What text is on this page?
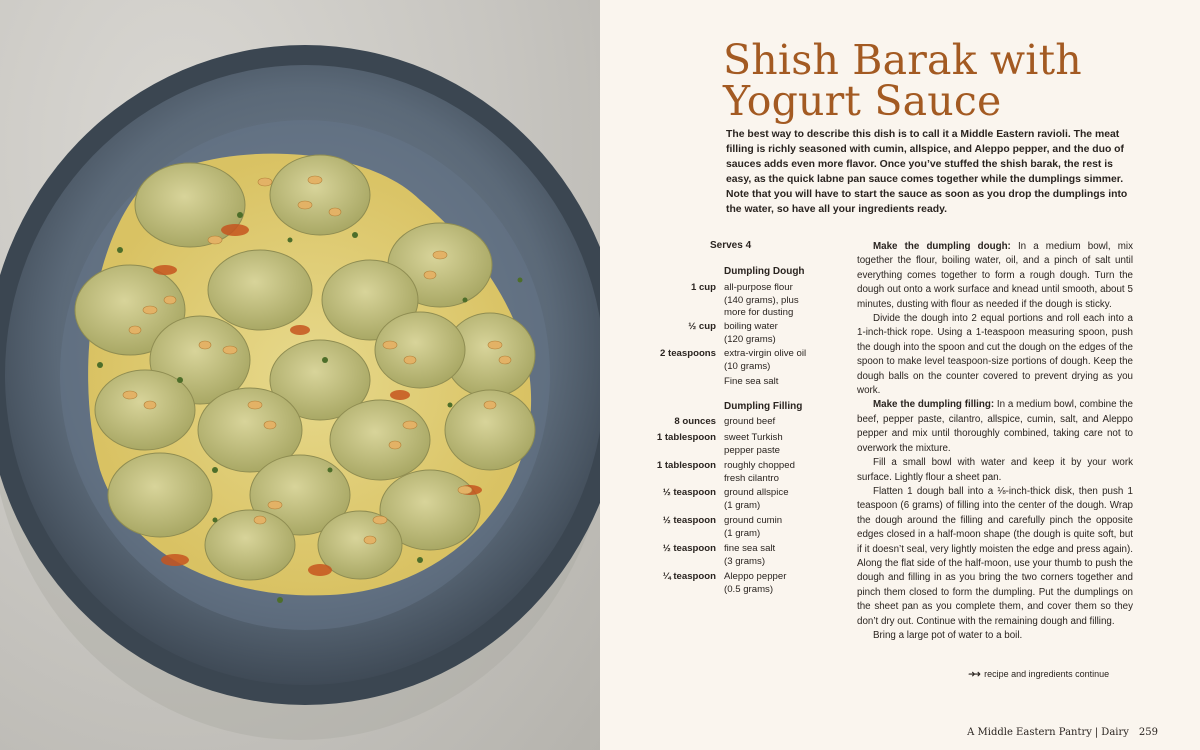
Shish Barak with Yogurt Sauce

The best way to describe this dish is to call it a Middle Eastern ravioli. The meat filling is richly seasoned with cumin, allspice, and Aleppo pepper, and the duo of sauces adds even more flavor. Once you’ve stuffed the shish barak, the rest is easy, as the quick labne pan sauce comes together while the dumplings simmer. Note that you will have to start the sauce as soon as you drop the dumplings into the water, so have all your ingredients ready.

Serves 4
Dumpling Dough
1 cup all-purpose flour
(140 grams), plus
more for dusting
½ cup boiling water
(120 grams)
2 teaspoons extra-virgin olive oil
(10 grams)
Fine sea salt
Dumpling Filling
8 ounces ground beef
1 tablespoon sweet Turkish
pepper paste
1 tablespoon roughly chopped
fresh cilantro
½ teaspoon ground allspice
(1 gram)
½ teaspoon ground cumin
(1 gram)
½ teaspoon fine sea salt
(3 grams)
¼ teaspoon Aleppo pepper
(0.5 grams)

Make the dumpling dough: In a medium bowl, mix together the flour, boiling water, oil, and a pinch of salt until everything comes together to form a rough dough. Turn the dough out onto a work surface and knead until smooth, about 5 minutes, dusting with flour as needed if the dough is sticky.

Divide the dough into 2 equal portions and roll each into a 1-inch-thick rope. Using a 1-teaspoon measuring spoon, push the dough into the spoon and cut the dough on the edges of the spoon to make level teaspoon-size portions of dough. Keep the dough balls on the counter covered to prevent drying as you work.

Make the dumpling filling: In a medium bowl, combine the beef, pepper paste, cilantro, allspice, cumin, salt, and Aleppo pepper and mix until thoroughly combined, taking care not to overwork the mixture.

Fill a small bowl with water and keep it by your work surface. Lightly flour a sheet pan.

Flatten 1 dough ball into a ⅛-inch-thick disk, then push 1 teaspoon (6 grams) of filling into the center of the dough. Wrap the dough around the filling and carefully pinch the opposite edges closed in a half-moon shape (the dough is quite soft, but if it doesn’t seal, very lightly moisten the edge and press again). Along the flat side of the half-moon, use your thumb to push the dough and filling in as you bring the two corners together and pinch them closed to form the dumpling. Put the dumplings on the sheet pan as you complete them, and cover them so they don’t dry out. Continue with the remaining dough and filling.

Bring a large pot of water to a boil.

➜➜ recipe and ingredients continue
A Middle Eastern Pantry | Dairy 259
